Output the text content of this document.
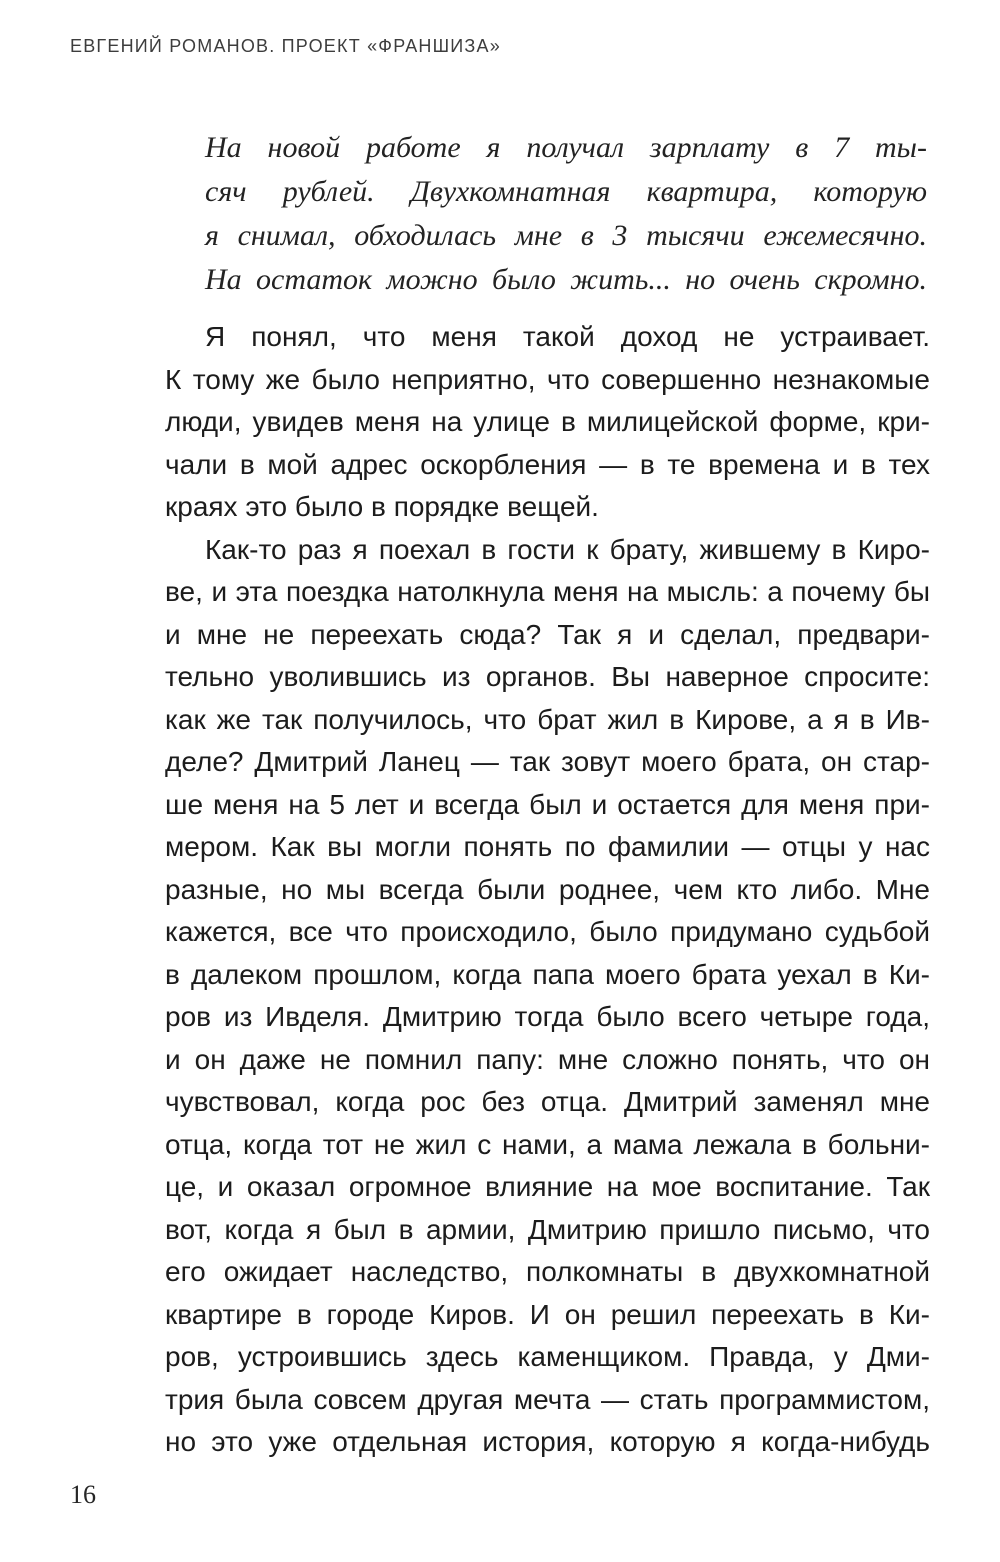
ЕВГЕНИЙ РОМАНОВ. ПРОЕКТ «ФРАНШИЗА»
На новой работе я получал зарплату в 7 ты-
сяч рублей. Двухкомнатная квартира, которую
я снимал, обходилась мне в 3 тысячи ежемесячно.
На остаток можно было жить... но очень скромно.
Я понял, что меня такой доход не устраивает.
К тому же было неприятно, что совершенно незнакомые
люди, увидев меня на улице в милицейской форме, кри-
чали в мой адрес оскорбления — в те времена и в тех
краях это было в порядке вещей.
Как-то раз я поехал в гости к брату, жившему в Киро-
ве, и эта поездка натолкнула меня на мысль: а почему бы
и мне не переехать сюда? Так я и сделал, предвари-
тельно уволившись из органов. Вы наверное спросите:
как же так получилось, что брат жил в Кирове, а я в Ив-
деле? Дмитрий Ланец — так зовут моего брата, он стар-
ше меня на 5 лет и всегда был и остается для меня при-
мером. Как вы могли понять по фамилии — отцы у нас
разные, но мы всегда были роднее, чем кто либо. Мне
кажется, все что происходило, было придумано судьбой
в далеком прошлом, когда папа моего брата уехал в Ки-
ров из Ивделя. Дмитрию тогда было всего четыре года,
и он даже не помнил папу: мне сложно понять, что он
чувствовал, когда рос без отца. Дмитрий заменял мне
отца, когда тот не жил с нами, а мама лежала в больни-
це, и оказал огромное влияние на мое воспитание. Так
вот, когда я был в армии, Дмитрию пришло письмо, что
его ожидает наследство, полкомнаты в двухкомнатной
квартире в городе Киров. И он решил переехать в Ки-
ров, устроившись здесь каменщиком. Правда, у Дми-
трия была совсем другая мечта — стать программистом,
но это уже отдельная история, которую я когда-нибудь
16
